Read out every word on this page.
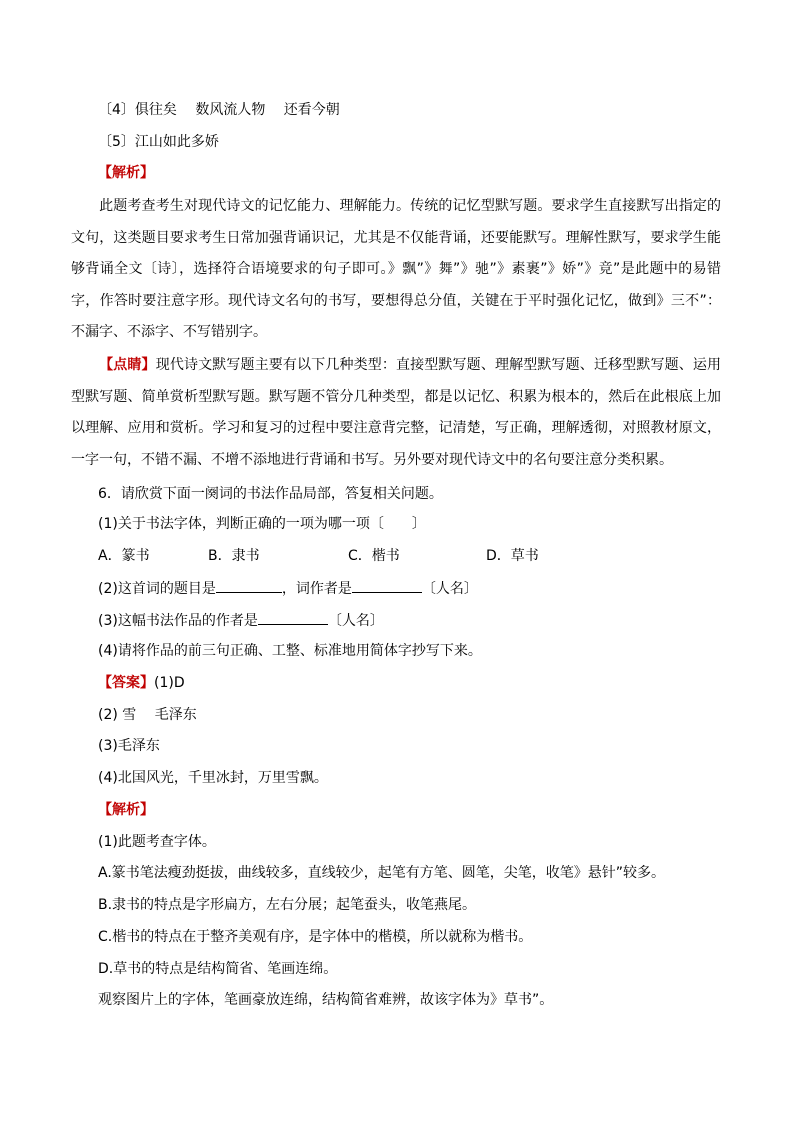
〔4〕俱往矣　 数风流人物　 还看今朝
〔5〕江山如此多娇
【解析】
此题考查考生对现代诗文的记忆能力、理解能力。传统的记忆型默写题。要求学生直接默写出指定的文句，这类题目要求考生日常加强背诵识记，尤其是不仅能背诵，还要能默写。理解性默写，要求学生能够背诵全文〔诗〕，选择符合语境要求的句子即可。》飘”》舞”》驰”》素裹”》娇”》竞”是此题中的易错字，作答时要注意字形。现代诗文名句的书写，要想得总分值，关键在于平时强化记忆，做到》三不”：不漏字、不添字、不写错别字。
【点睛】现代诗文默写题主要有以下几种类型：直接型默写题、理解型默写题、迁移型默写题、运用型默写题、简单赏析型默写题。默写题不管分几种类型，都是以记忆、积累为根本的，然后在此根底上加以理解、应用和赏析。学习和复习的过程中要注意背完整，记清楚，写正确，理解透彻，对照教材原文，一字一句，不错不漏、不增不添地进行背诵和书写。另外要对现代诗文中的名句要注意分类积累。
6．请欣赏下面一阕词的书法作品局部，答复相关问题。
(1)关于书法字体，判断正确的一项为哪一项〔　　〕
A．篆书	B．隶书	C．楷书	D．草书
(2)这首词的题目是	，词作者是	〔人名〕
(3)这幅书法作品的作者是	〔人名〕
(4)请将作品的前三句正确、工整、标准地用简体字抄写下来。
【答案】(1)D
(2) 雪　 毛泽东
(3)毛泽东
(4)北国风光，千里冰封，万里雪飘。
【解析】
(1)此题考查字体。
A.篆书笔法瘦劲挺拔，曲线较多，直线较少，起笔有方笔、圆笔，尖笔，收笔》悬针”较多。
B.隶书的特点是字形扁方，左右分展；起笔蚕头，收笔燕尾。
C.楷书的特点在于整齐美观有序，是字体中的楷模，所以就称为楷书。
D.草书的特点是结构简省、笔画连绵。
观察图片上的字体，笔画豪放连绵，结构简省难辨，故该字体为》草书”。
